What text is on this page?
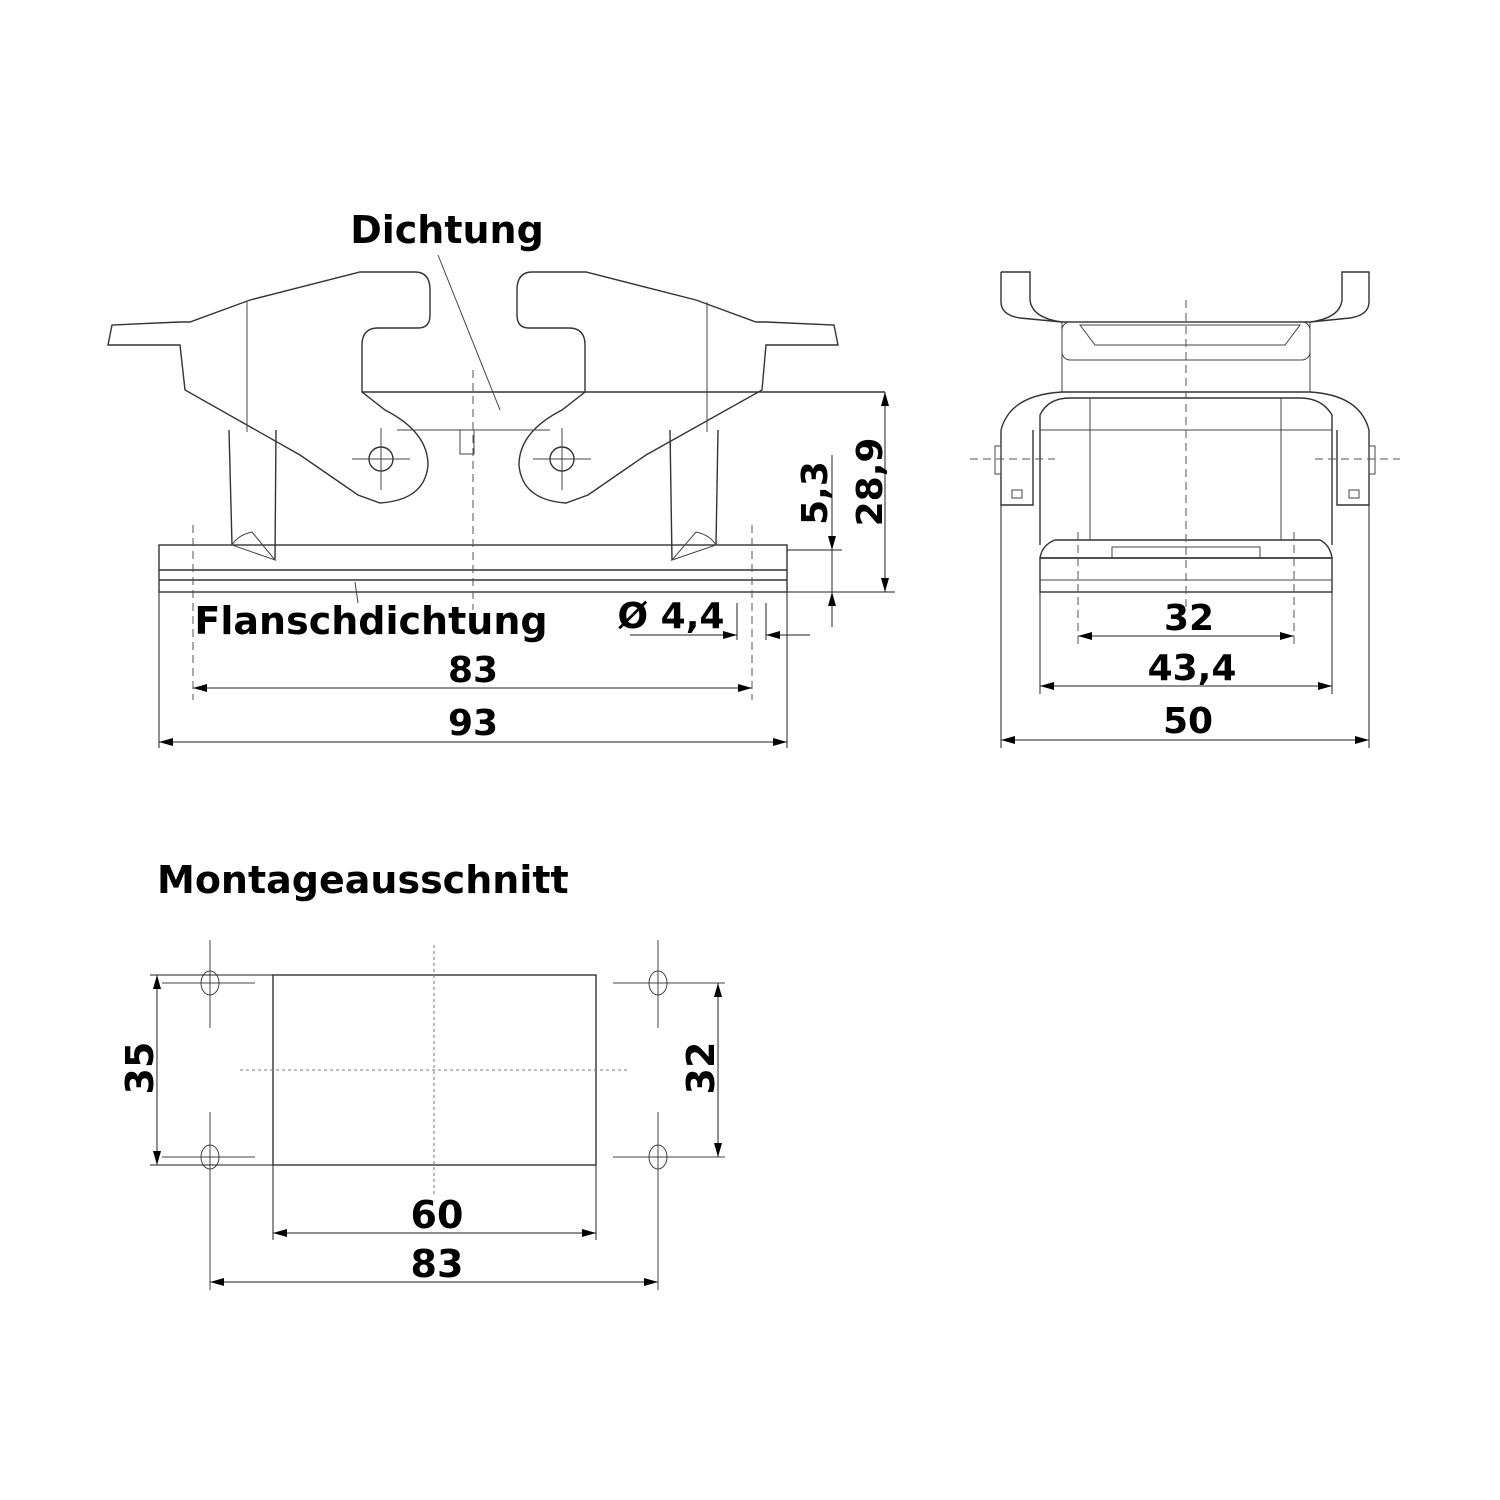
Dichtung
Flanschdichtung Ø 4,4
83
93
5,3 28,9
32
43,4
50
Montageausschnitt
35	32
60
83
